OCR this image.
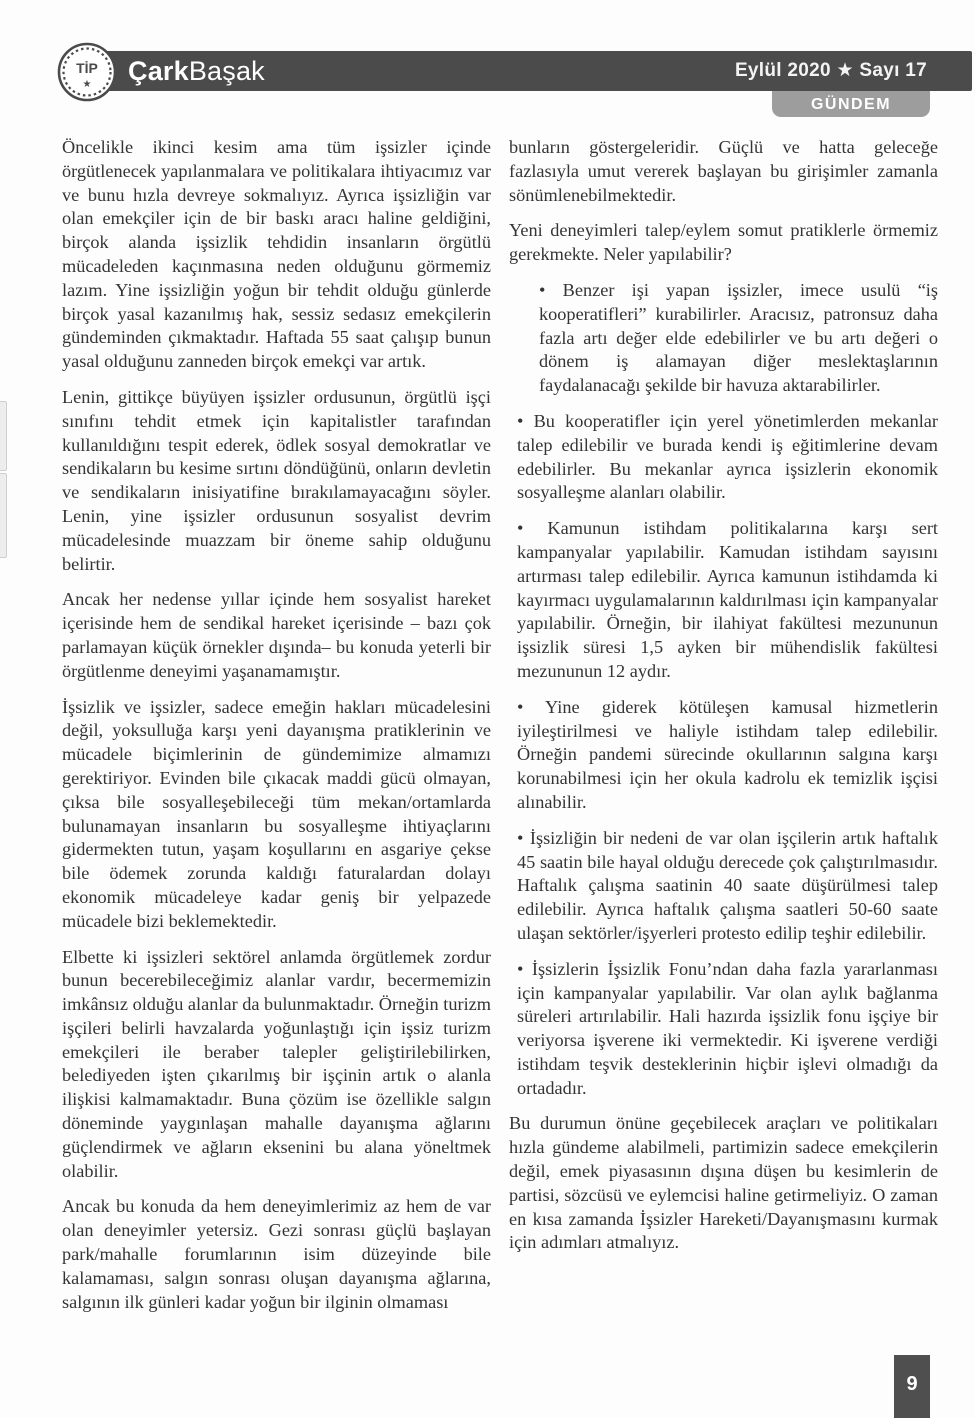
Eylül 2020 ★ Sayı 17
TİP
★ ÇarkBaşak
GÜNDEM

Öncelikle ikinci kesim ama tüm işsizler içinde örgütlenecek yapılanmalara ve politikalara ihtiyacımız var ve bunu hızla devreye sokmalıyız. Ayrıca işsizliğin var olan emekçiler için de bir baskı aracı haline geldiğini, birçok alanda işsizlik tehdidin insanların örgütlü mücadeleden kaçınmasına neden olduğunu görmemiz lazım. Yine işsizliğin yoğun bir tehdit olduğu günlerde birçok yasal kazanılmış hak, sessiz sedasız emekçilerin gündeminden çıkmaktadır. Haftada 55 saat çalışıp bunun yasal olduğunu zanneden birçok emekçi var artık.

Lenin, gittikçe büyüyen işsizler ordusunun, örgütlü işçi sınıfını tehdit etmek için kapitalistler tarafından kullanıldığını tespit ederek, ödlek sosyal demokratlar ve sendikaların bu kesime sırtını döndüğünü, onların devletin ve sendikaların inisiyatifine bırakılamayacağını söyler. Lenin, yine işsizler ordusunun sosyalist devrim mücadelesinde muazzam bir öneme sahip olduğunu belirtir.

Ancak her nedense yıllar içinde hem sosyalist hareket içerisinde hem de sendikal hareket içerisinde – bazı çok parlamayan küçük örnekler dışında– bu konuda yeterli bir örgütlenme deneyimi yaşanamamıştır.

İşsizlik ve işsizler, sadece emeğin hakları mücadelesini değil, yoksulluğa karşı yeni dayanışma pratiklerinin ve mücadele biçimlerinin de gündemimize almamızı gerektiriyor. Evinden bile çıkacak maddi gücü olmayan, çıksa bile sosyalleşebileceği tüm mekan/ortamlarda bulunamayan insanların bu sosyalleşme ihtiyaçlarını gidermekten tutun, yaşam koşullarını en asgariye çekse bile ödemek zorunda kaldığı faturalardan dolayı ekonomik mücadeleye kadar geniş bir yelpazede mücadele bizi beklemektedir.

Elbette ki işsizleri sektörel anlamda örgütlemek zordur bunun becerebileceğimiz alanlar vardır, becermemizin imkânsız olduğu alanlar da bulunmaktadır. Örneğin turizm işçileri belirli havzalarda yoğunlaştığı için işsiz turizm emekçileri ile beraber talepler geliştirilebilirken, belediyeden işten çıkarılmış bir işçinin artık o alanla ilişkisi kalmamaktadır. Buna çözüm ise özellikle salgın döneminde yaygınlaşan mahalle dayanışma ağlarını güçlendirmek ve ağların eksenini bu alana yöneltmek olabilir.

Ancak bu konuda da hem deneyimlerimiz az hem de var olan deneyimler yetersiz. Gezi sonrası güçlü başlayan park/mahalle forumlarının isim düzeyinde bile kalamaması, salgın sonrası oluşan dayanışma ağlarına, salgının ilk günleri kadar yoğun bir ilginin olmaması

bunların göstergeleridir. Güçlü ve hatta geleceğe fazlasıyla umut vererek başlayan bu girişimler zamanla sönümlenebilmektedir.

Yeni deneyimleri talep/eylem somut pratiklerle örmemiz gerekmekte. Neler yapılabilir?

• Benzer işi yapan işsizler, imece usulü “iş kooperatifleri” kurabilirler. Aracısız, patronsuz daha fazla artı değer elde edebilirler ve bu artı değeri o dönem iş alamayan diğer meslektaşlarının faydalanacağı şekilde bir havuza aktarabilirler.

• Bu kooperatifler için yerel yönetimlerden mekanlar talep edilebilir ve burada kendi iş eğitimlerine devam edebilirler. Bu mekanlar ayrıca işsizlerin ekonomik sosyalleşme alanları olabilir.

• Kamunun istihdam politikalarına karşı sert kampanyalar yapılabilir. Kamudan istihdam sayısını artırması talep edilebilir. Ayrıca kamunun istihdamda ki kayırmacı uygulamalarının kaldırılması için kampanyalar yapılabilir. Örneğin, bir ilahiyat fakültesi mezununun işsizlik süresi 1,5 ayken bir mühendislik fakültesi mezununun 12 aydır.

• Yine giderek kötüleşen kamusal hizmetlerin iyileştirilmesi ve haliyle istihdam talep edilebilir. Örneğin pandemi sürecinde okullarının salgına karşı korunabilmesi için her okula kadrolu ek temizlik işçisi alınabilir.

• İşsizliğin bir nedeni de var olan işçilerin artık haftalık 45 saatin bile hayal olduğu derecede çok çalıştırılmasıdır. Haftalık çalışma saatinin 40 saate düşürülmesi talep edilebilir. Ayrıca haftalık çalışma saatleri 50-60 saate ulaşan sektörler/işyerleri protesto edilip teşhir edilebilir.

• İşsizlerin İşsizlik Fonu’ndan daha fazla yararlanması için kampanyalar yapılabilir. Var olan aylık bağlanma süreleri artırılabilir. Hali hazırda işsizlik fonu işçiye bir veriyorsa işverene iki vermektedir. Ki işverene verdiği istihdam teşvik desteklerinin hiçbir işlevi olmadığı da ortadadır.

Bu durumun önüne geçebilecek araçları ve politikaları hızla gündeme alabilmeli, partimizin sadece emekçilerin değil, emek piyasasının dışına düşen bu kesimlerin de partisi, sözcüsü ve eylemcisi haline getirmeliyiz. O zaman en kısa zamanda İşsizler Hareketi/Dayanışmasını kurmak için adımları atmalıyız.

9
